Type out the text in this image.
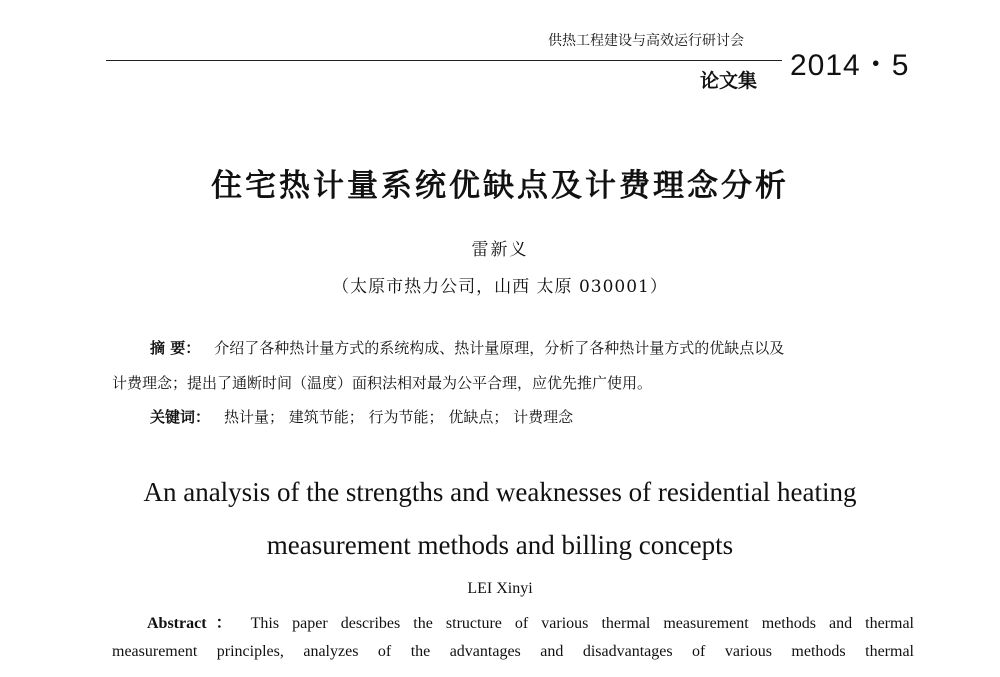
供热工程建设与高效运行研讨会
2014・5
论文集
住宅热计量系统优缺点及计费理念分析
雷新义
（太原市热力公司，山西 太原 030001）
摘 要： 介绍了各种热计量方式的系统构成、热计量原理，分析了各种热计量方式的优缺点以及
计费理念；提出了通断时间（温度）面积法相对最为公平合理，应优先推广使用。
关键词： 热计量； 建筑节能； 行为节能； 优缺点； 计费理念
An analysis of the strengths and weaknesses of residential heating
measurement methods and billing concepts
LEI Xinyi
Abstract： This paper describes the structure of various thermal measurement methods and thermal
measurement principles, analyzes of the advantages and disadvantages of various methods thermal
